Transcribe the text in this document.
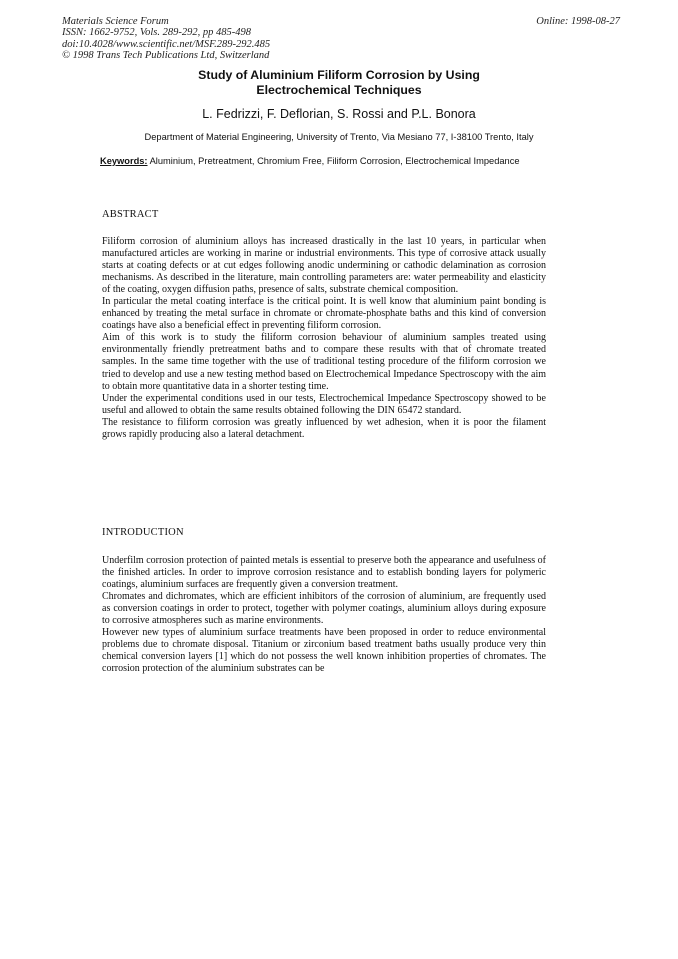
Materials Science Forum
ISSN: 1662-9752, Vols. 289-292, pp 485-498
doi:10.4028/www.scientific.net/MSF.289-292.485
© 1998 Trans Tech Publications Ltd, Switzerland
Online: 1998-08-27
Study of Aluminium Filiform Corrosion by Using
Electrochemical Techniques
L. Fedrizzi, F. Deflorian, S. Rossi and P.L. Bonora
Department of Material Engineering, University of Trento, Via Mesiano 77, I-38100 Trento, Italy
Keywords: Aluminium, Pretreatment, Chromium Free, Filiform Corrosion, Electrochemical Impedance
ABSTRACT

Filiform corrosion of aluminium alloys has increased drastically in the last 10 years, in particular when manufactured articles are working in marine or industrial environments. This type of corrosive attack usually starts at coating defects or at cut edges following anodic undermining or cathodic delamination as corrosion mechanisms. As described in the literature, main controlling parameters are: water permeability and elasticity of the coating, oxygen diffusion paths, presence of salts, substrate chemical composition.

In particular the metal coating interface is the critical point. It is well know that aluminium paint bonding is enhanced by treating the metal surface in chromate or chromate-phosphate baths and this kind of conversion coatings have also a beneficial effect in preventing filiform corrosion.

Aim of this work is to study the filiform corrosion behaviour of aluminium samples treated using environmentally friendly pretreatment baths and to compare these results with that of chromate treated samples. In the same time together with the use of traditional testing procedure of the filiform corrosion we tried to develop and use a new testing method based on Electrochemical Impedance Spectroscopy with the aim to obtain more quantitative data in a shorter testing time.

Under the experimental conditions used in our tests, Electrochemical Impedance Spectroscopy showed to be useful and allowed to obtain the same results obtained following the DIN 65472 standard.

The resistance to filiform corrosion was greatly influenced by wet adhesion, when it is poor the filament grows rapidly producing also a lateral detachment.

INTRODUCTION

Underfilm corrosion protection of painted metals is essential to preserve both the appearance and usefulness of the finished articles. In order to improve corrosion resistance and to establish bonding layers for polymeric coatings, aluminium surfaces are frequently given a conversion treatment.

Chromates and dichromates, which are efficient inhibitors of the corrosion of aluminium, are frequently used as conversion coatings in order to protect, together with polymer coatings, aluminium alloys during exposure to corrosive atmospheres such as marine environments.

However new types of aluminium surface treatments have been proposed in order to reduce environmental problems due to chromate disposal. Titanium or zirconium based treatment baths usually produce very thin chemical conversion layers [1] which do not possess the well known inhibition properties of chromates. The corrosion protection of the aluminium substrates can be
